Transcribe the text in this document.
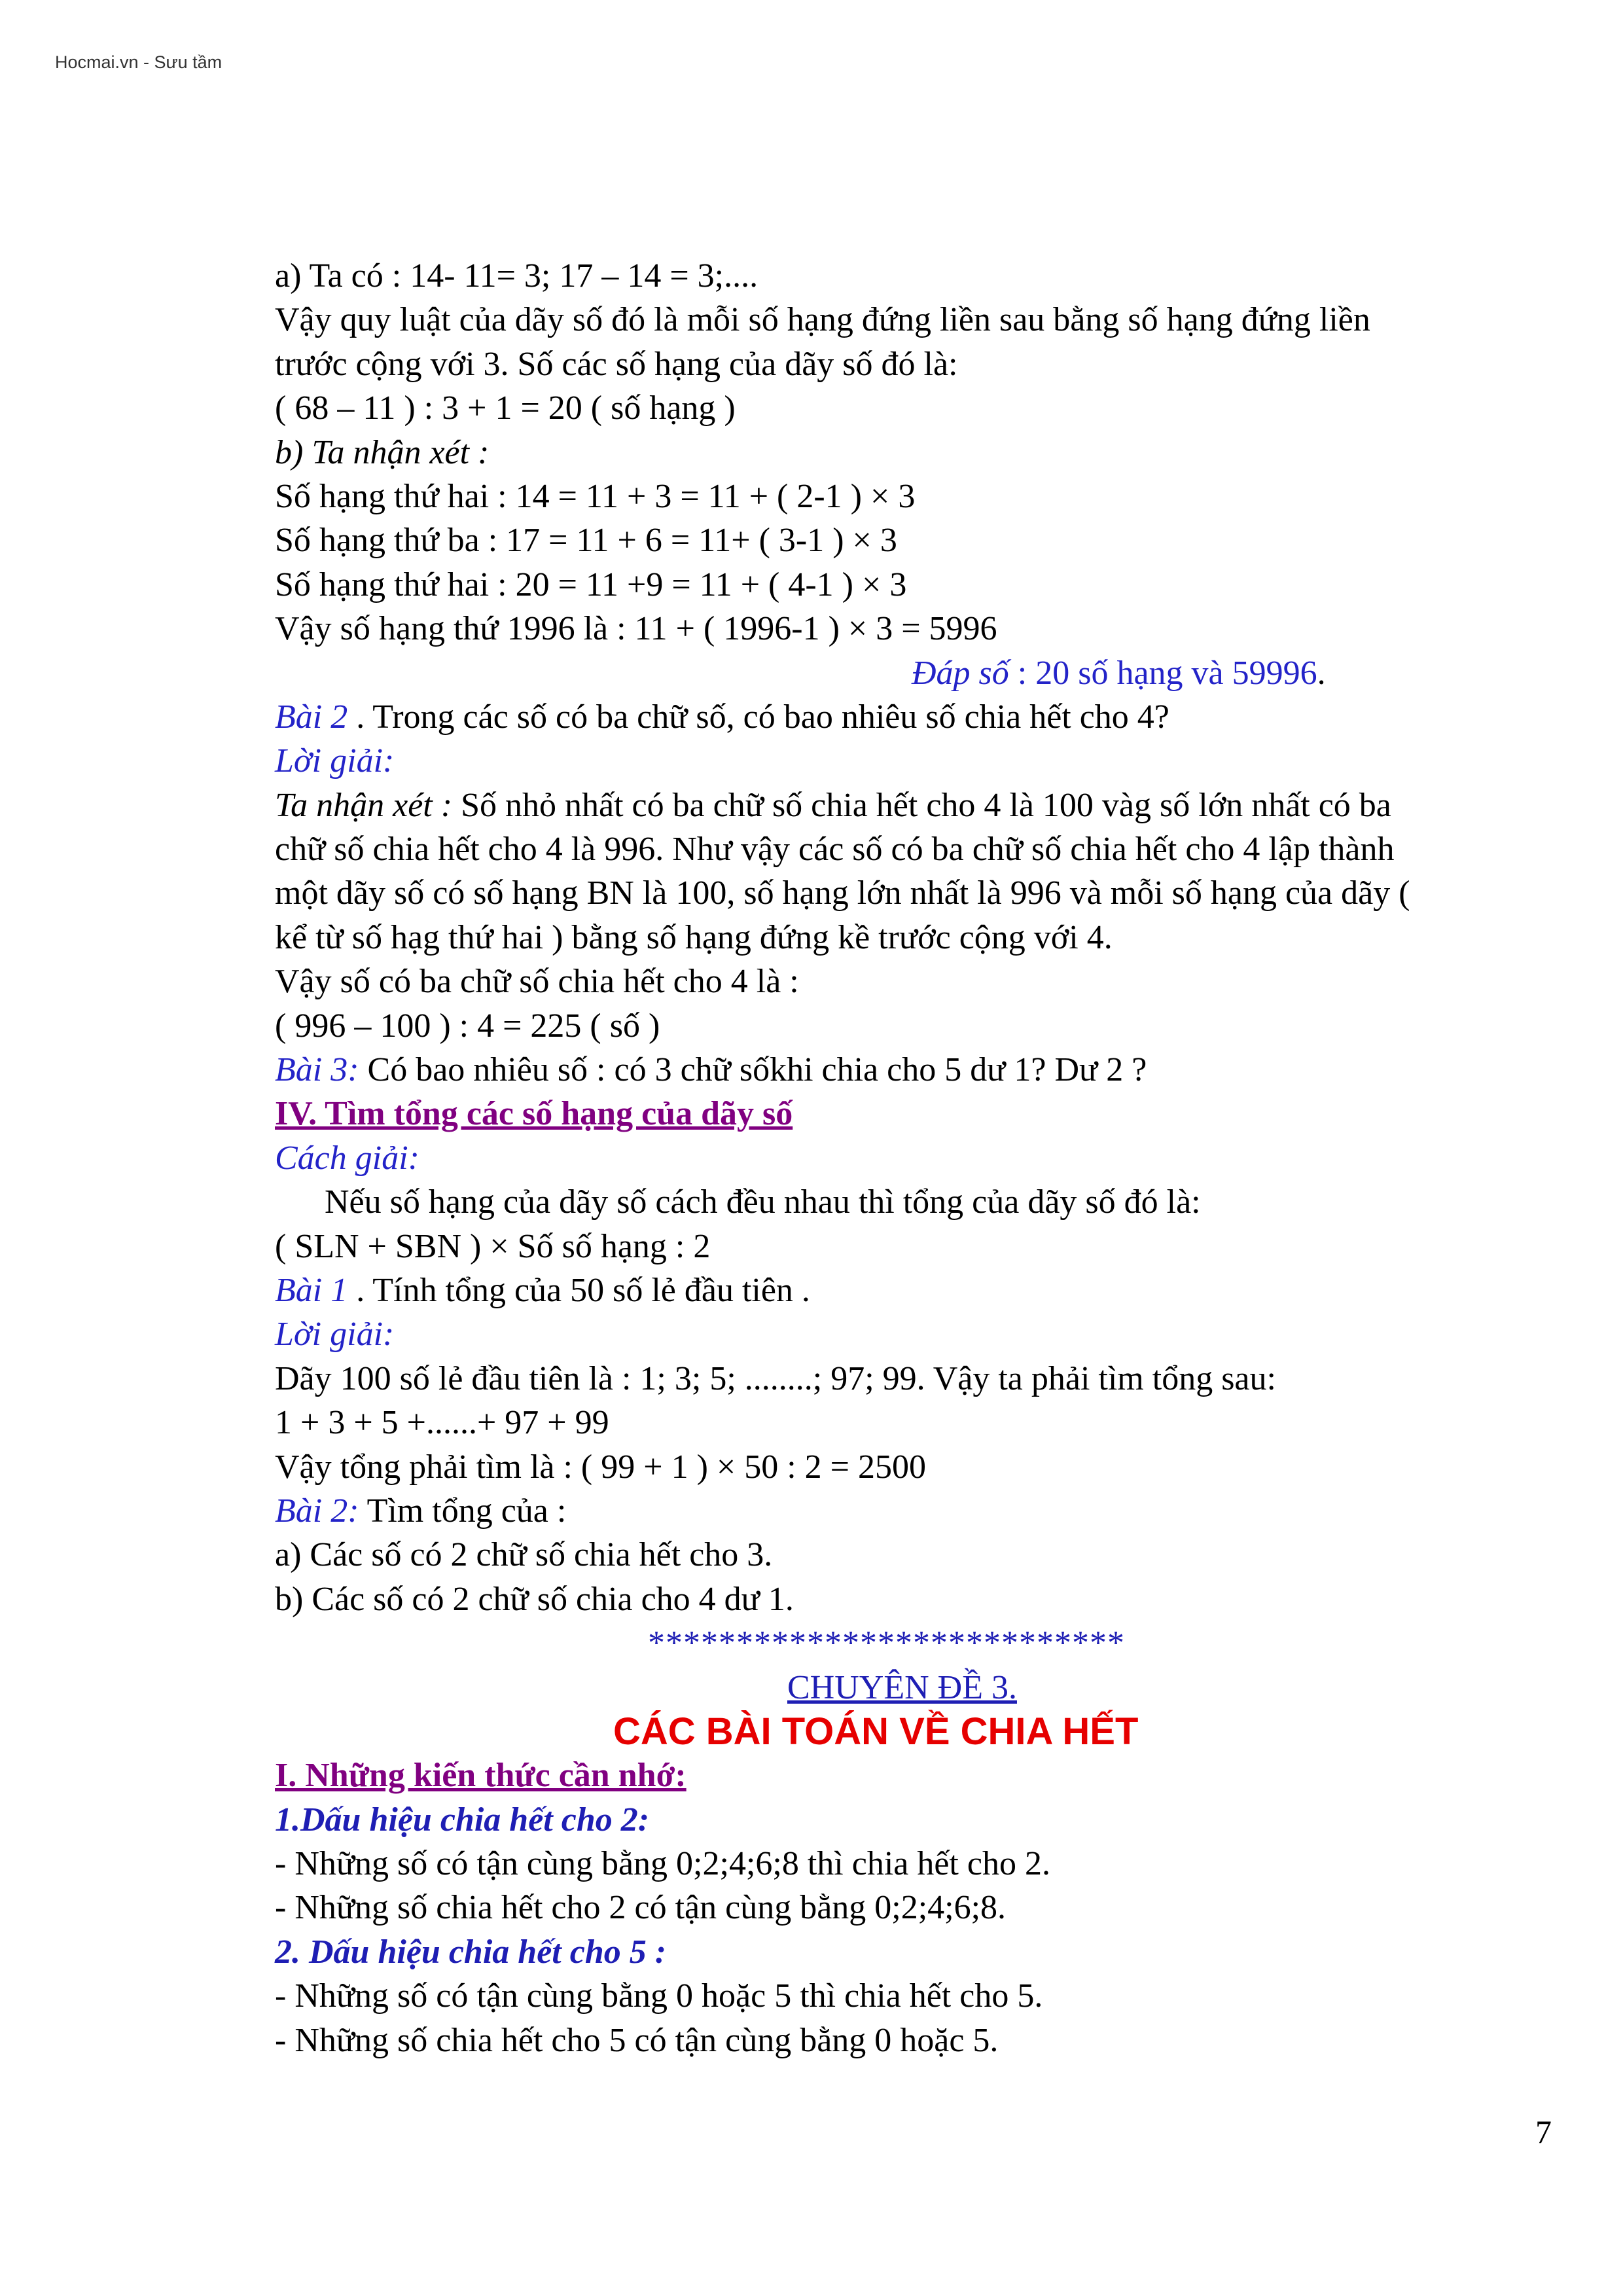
Hocmai.vn - Sưu tầm
a) Ta có : 14- 11= 3; 17 – 14 = 3;....
Vậy quy luật của dãy số đó là mỗi số hạng đứng liền sau bằng số hạng đứng liền
trước cộng với 3. Số các số hạng của dãy số đó là:
( 68 – 11 ) : 3 + 1 = 20 ( số hạng )
b) Ta nhận xét :
Số hạng thứ hai : 14 = 11 + 3 = 11 + ( 2-1 ) × 3
Số hạng thứ ba : 17 = 11 + 6 = 11+ ( 3-1 ) × 3
Số hạng thứ hai : 20 = 11 +9 = 11 + ( 4-1 ) × 3
Vậy số hạng thứ 1996 là : 11 + ( 1996-1 ) × 3 = 5996
Đáp số : 20 số hạng và 59996.
Bài 2 . Trong các số có ba chữ số, có bao nhiêu số chia hết cho 4?
Lời giải:
Ta nhận xét : Số nhỏ nhất có ba chữ số chia hết cho 4 là 100 vàg số lớn nhất có ba
chữ số chia hết cho 4 là 996. Như vậy các số có ba chữ số chia hết cho 4 lập thành
một dãy số có số hạng BN là 100, số hạng lớn nhất là 996 và mỗi số hạng của dãy (
kể từ số hạg thứ hai ) bằng số hạng đứng kề trước cộng với 4.
Vậy số có ba chữ số chia hết cho 4 là :
( 996 – 100 ) : 4 = 225 ( số )
Bài 3: Có bao nhiêu số : có 3 chữ sốkhi chia cho 5 dư 1? Dư 2 ?
IV. Tìm tổng các số hạng của dãy số
Cách giải:
Nếu số hạng của dãy số cách đều nhau thì tổng của dãy số đó là:
( SLN + SBN ) × Số số hạng : 2
Bài 1 . Tính tổng của 50 số lẻ đầu tiên .
Lời giải:
Dãy 100 số lẻ đầu tiên là : 1; 3; 5; ........; 97; 99. Vậy ta phải tìm tổng sau:
1 + 3 + 5 +......+ 97 + 99
Vậy tổng phải tìm là : ( 99 + 1 ) × 50 : 2 = 2500
Bài 2: Tìm tổng của :
a) Các số có 2 chữ số chia hết cho 3.
b) Các số có 2 chữ số chia cho 4 dư 1.
***************************
CHUYÊN ĐỀ 3.
CÁC BÀI TOÁN VỀ CHIA HẾT
I. Những kiến thức cần nhớ:
1.Dấu hiệu chia hết cho 2:
- Những số có tận cùng bằng 0;2;4;6;8 thì chia hết cho 2.
- Những số chia hết cho 2 có tận cùng bằng 0;2;4;6;8.
2. Dấu hiệu chia hết cho 5 :
- Những số có tận cùng bằng 0 hoặc 5 thì chia hết cho 5.
- Những số chia hết cho 5 có tận cùng bằng 0 hoặc 5.
7
